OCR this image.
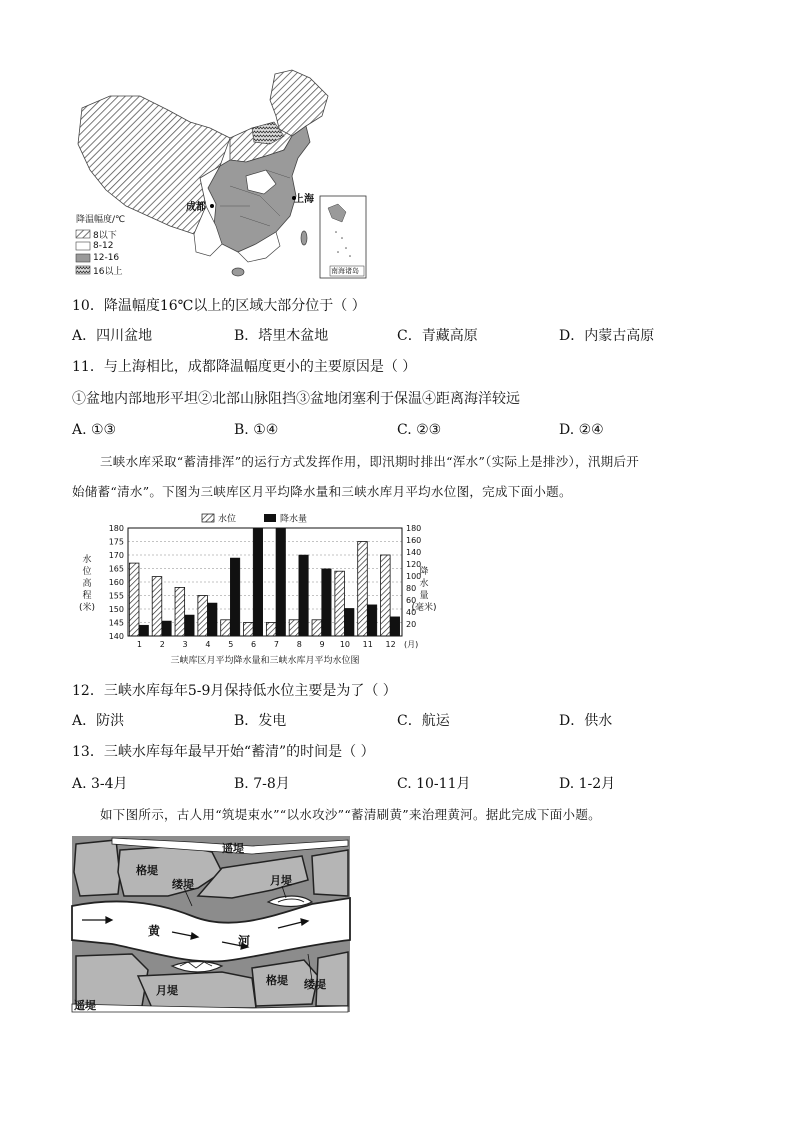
成都
上海
南海诸岛
降温幅度/℃
8以下
8-12
12-16
16以上
10．降温幅度16℃以上的区域大部分位于（ ）
A．四川盆地	B．塔里木盆地	C．青藏高原	D．内蒙古高原
11．与上海相比，成都降温幅度更小的主要原因是（ ）
①盆地内部地形平坦②北部山脉阻挡③盆地闭塞利于保温④距离海洋较远
A. ①③	B. ①④	C. ②③	D. ②④
三峡水库采取“蓄清排浑”的运行方式发挥作用，即汛期时排出“浑水”（实际上是排沙），汛期后开
始储蓄“清水”。下图为三峡库区月平均降水量和三峡水库月平均水位图，完成下面小题。
140
145
150
155
160
165
170
175
180
20
40
60
80
100
120
140
160
180
1 2 3 4 5 6 7 8 9 10 11 12 (月)
水
位
高
程
(米)
降
水
量
(毫米)
水位	降水量
三峡库区月平均降水量和三峡水库月平均水位图
12．三峡水库每年5-9月保持低水位主要是为了（ ）
A．防洪	B．发电	C．航运	D．供水
13．三峡水库每年最早开始“蓄清”的时间是（ ）
A. 3-4月	B. 7-8月	C. 10-11月	D. 1-2月
如下图所示，古人用“筑堤束水”“以水攻沙”“蓄清刷黄”来治理黄河。据此完成下面小题。
遥堤
格堤
缕堤	月堤
黄
河
月堤
格堤 缕堤
遥堤
